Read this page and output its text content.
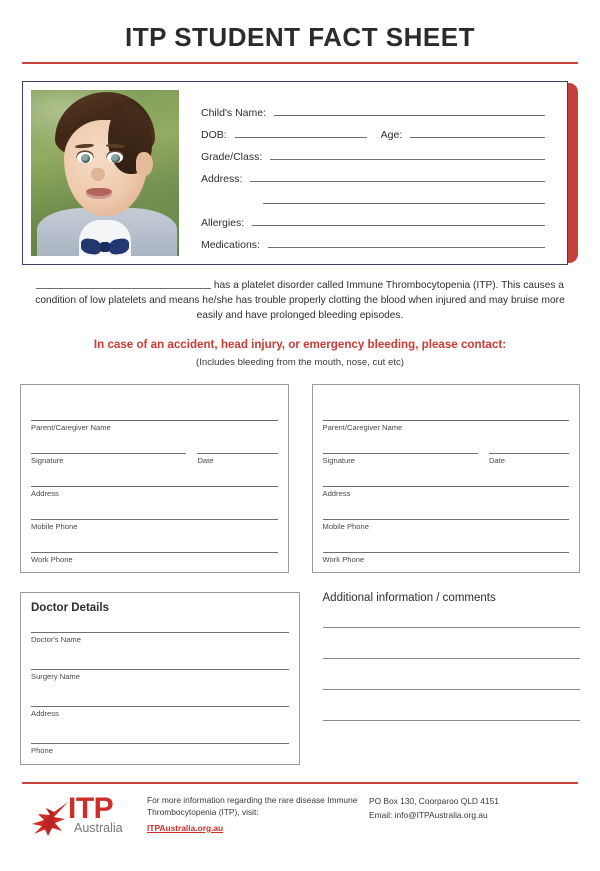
ITP STUDENT FACT SHEET
Child's Name:
DOB:	Age:
Grade/Class:
Address:
Allergies:
Medications:
has a platelet disorder called Immune Thrombocytopenia (ITP). This causes a condition of low platelets and means he/she has trouble properly clotting the blood when injured and may bruise more easily and have prolonged bleeding episodes.
In case of an accident, head injury, or emergency bleeding, please contact:
(Includes bleeding from the mouth, nose, cut etc)
Parent/Caregiver Name
Signature	Date
Address
Mobile Phone
Work Phone
Parent/Caregiver Name
Signature	Date
Address
Mobile Phone
Work Phone
Doctor Details
Doctor's Name
Surgery Name
Address
Phone
Additional information / comments
ITP
Australia
For more information regarding the rare disease Immune Thrombocytopenia (ITP), visit:
ITPAustralia.org.au
PO Box 130, Coorparoo QLD 4151
Email: info@ITPAustralia.org.au
